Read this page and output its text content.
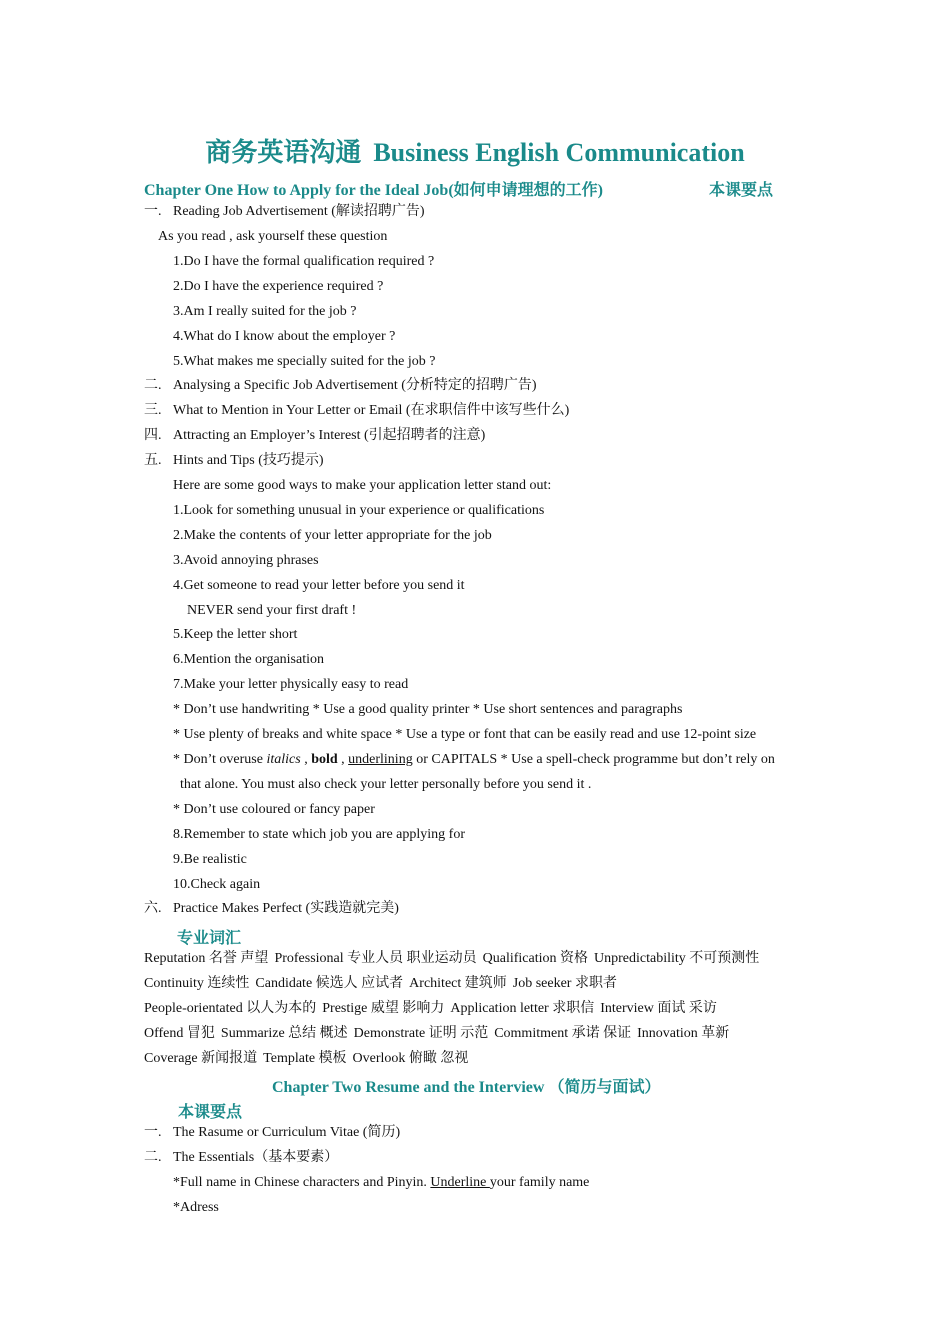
商务英语沟通 Business English Communication
Chapter One How to Apply for the Ideal Job(如何申请理想的工作)	本课要点
一. Reading Job Advertisement (解读招聘广告)
As you read , ask yourself these question
1.Do I have the formal qualification required ?
2.Do I have the experience required ?
3.Am I really suited for the job ?
4.What do I know about the employer ?
5.What makes me specially suited for the job ?
二. Analysing a Specific Job Advertisement (分析特定的招聘广告)
三. What to Mention in Your Letter or Email (在求职信件中该写些什么)
四. Attracting an Employer’s Interest (引起招聘者的注意)
五. Hints and Tips (技巧提示)
Here are some good ways to make your application letter stand out:
1.Look for something unusual in your experience or qualifications
2.Make the contents of your letter appropriate for the job
3.Avoid annoying phrases
4.Get someone to read your letter before you send it
NEVER send your first draft !
5.Keep the letter short
6.Mention the organisation
7.Make your letter physically easy to read
* Don’t use handwriting * Use a good quality printer * Use short sentences and paragraphs
* Use plenty of breaks and white space * Use a type or font that can be easily read and use 12-point size
* Don’t overuse italics , bold , underlining or CAPITALS * Use a spell-check programme but don’t rely on
that alone. You must also check your letter personally before you send it .
* Don’t use coloured or fancy paper
8.Remember to state which job you are applying for
9.Be realistic
10.Check again
六. Practice Makes Perfect (实践造就完美)
专业词汇
Reputation 名誉 声望 Professional 专业人员 职业运动员 Qualification 资格 Unpredictability 不可预测性
Continuity 连续性 Candidate 候选人 应试者 Architect 建筑师 Job seeker 求职者
People-orientated 以人为本的 Prestige 威望 影响力 Application letter 求职信 Interview 面试 采访
Offend 冒犯 Summarize 总结 概述 Demonstrate 证明 示范 Commitment 承诺 保证 Innovation 革新
Coverage 新闻报道 Template 模板 Overlook 俯瞰 忽视
Chapter Two Resume and the Interview （简历与面试）
本课要点
一. The Rasume or Curriculum Vitae (简历)
二. The Essentials（基本要素）
*Full name in Chinese characters and Pinyin. Underline your family name
*Adress
